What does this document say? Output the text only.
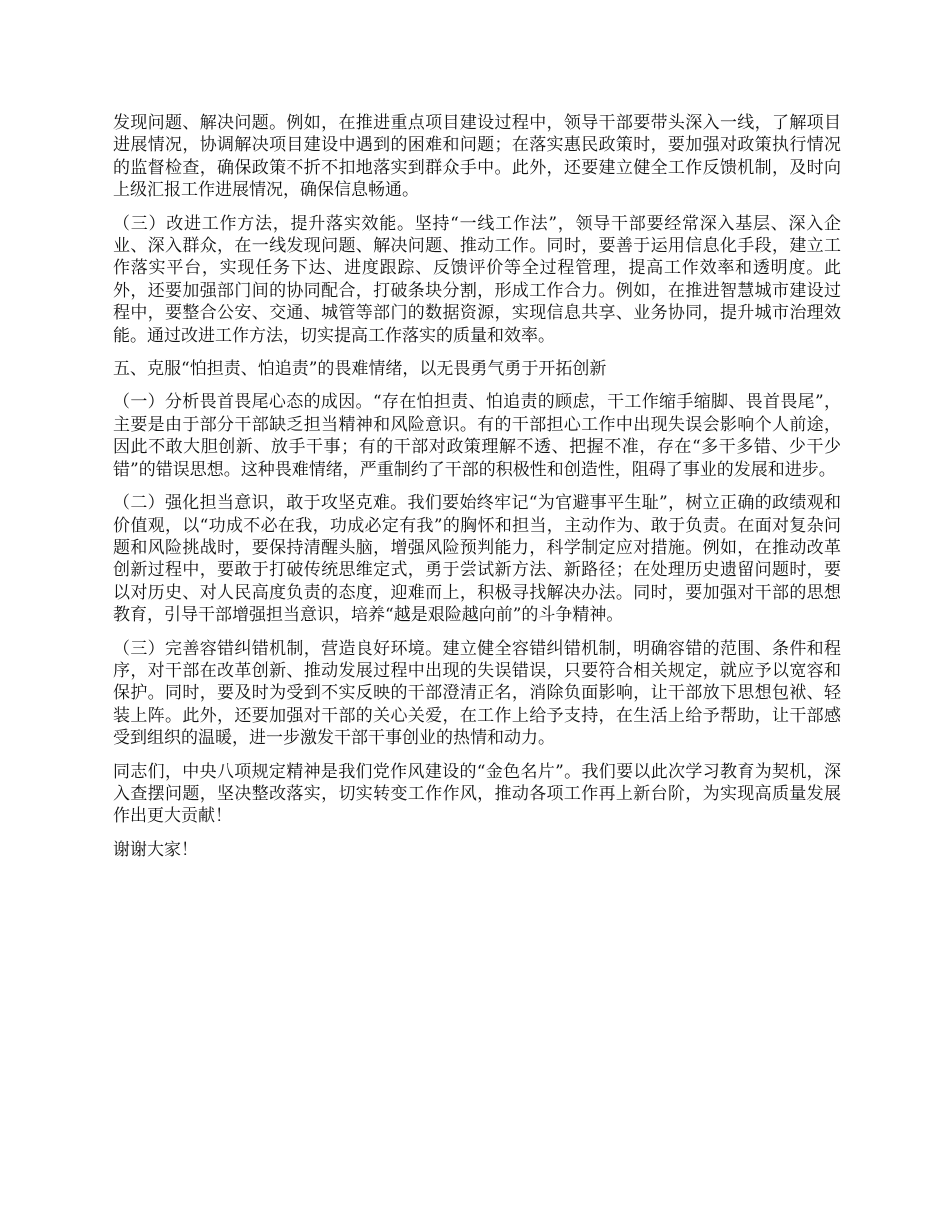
发现问题、解决问题。例如，在推进重点项目建设过程中，领导干部要带头深入一线，了解项目进展情况，协调解决项目建设中遇到的困难和问题；在落实惠民政策时，要加强对政策执行情况的监督检查，确保政策不折不扣地落实到群众手中。此外，还要建立健全工作反馈机制，及时向上级汇报工作进展情况，确保信息畅通。

（三）改进工作方法，提升落实效能。坚持“一线工作法”，领导干部要经常深入基层、深入企业、深入群众，在一线发现问题、解决问题、推动工作。同时，要善于运用信息化手段，建立工作落实平台，实现任务下达、进度跟踪、反馈评价等全过程管理，提高工作效率和透明度。此外，还要加强部门间的协同配合，打破条块分割，形成工作合力。例如，在推进智慧城市建设过程中，要整合公安、交通、城管等部门的数据资源，实现信息共享、业务协同，提升城市治理效能。通过改进工作方法，切实提高工作落实的质量和效率。

五、克服“怕担责、怕追责”的畏难情绪，以无畏勇气勇于开拓创新

（一）分析畏首畏尾心态的成因。“存在怕担责、怕追责的顾虑，干工作缩手缩脚、畏首畏尾”，主要是由于部分干部缺乏担当精神和风险意识。有的干部担心工作中出现失误会影响个人前途，因此不敢大胆创新、放手干事；有的干部对政策理解不透、把握不准，存在“多干多错、少干少错”的错误思想。这种畏难情绪，严重制约了干部的积极性和创造性，阻碍了事业的发展和进步。

（二）强化担当意识，敢于攻坚克难。我们要始终牢记“为官避事平生耻”，树立正确的政绩观和价值观，以“功成不必在我，功成必定有我”的胸怀和担当，主动作为、敢于负责。在面对复杂问题和风险挑战时，要保持清醒头脑，增强风险预判能力，科学制定应对措施。例如，在推动改革创新过程中，要敢于打破传统思维定式，勇于尝试新方法、新路径；在处理历史遗留问题时，要以对历史、对人民高度负责的态度，迎难而上，积极寻找解决办法。同时，要加强对干部的思想教育，引导干部增强担当意识，培养“越是艰险越向前”的斗争精神。

（三）完善容错纠错机制，营造良好环境。建立健全容错纠错机制，明确容错的范围、条件和程序，对干部在改革创新、推动发展过程中出现的失误错误，只要符合相关规定，就应予以宽容和保护。同时，要及时为受到不实反映的干部澄清正名，消除负面影响，让干部放下思想包袱、轻装上阵。此外，还要加强对干部的关心关爱，在工作上给予支持，在生活上给予帮助，让干部感受到组织的温暖，进一步激发干部干事创业的热情和动力。

同志们，中央八项规定精神是我们党作风建设的“金色名片”。我们要以此次学习教育为契机，深入查摆问题，坚决整改落实，切实转变工作作风，推动各项工作再上新台阶，为实现高质量发展作出更大贡献！

谢谢大家！
